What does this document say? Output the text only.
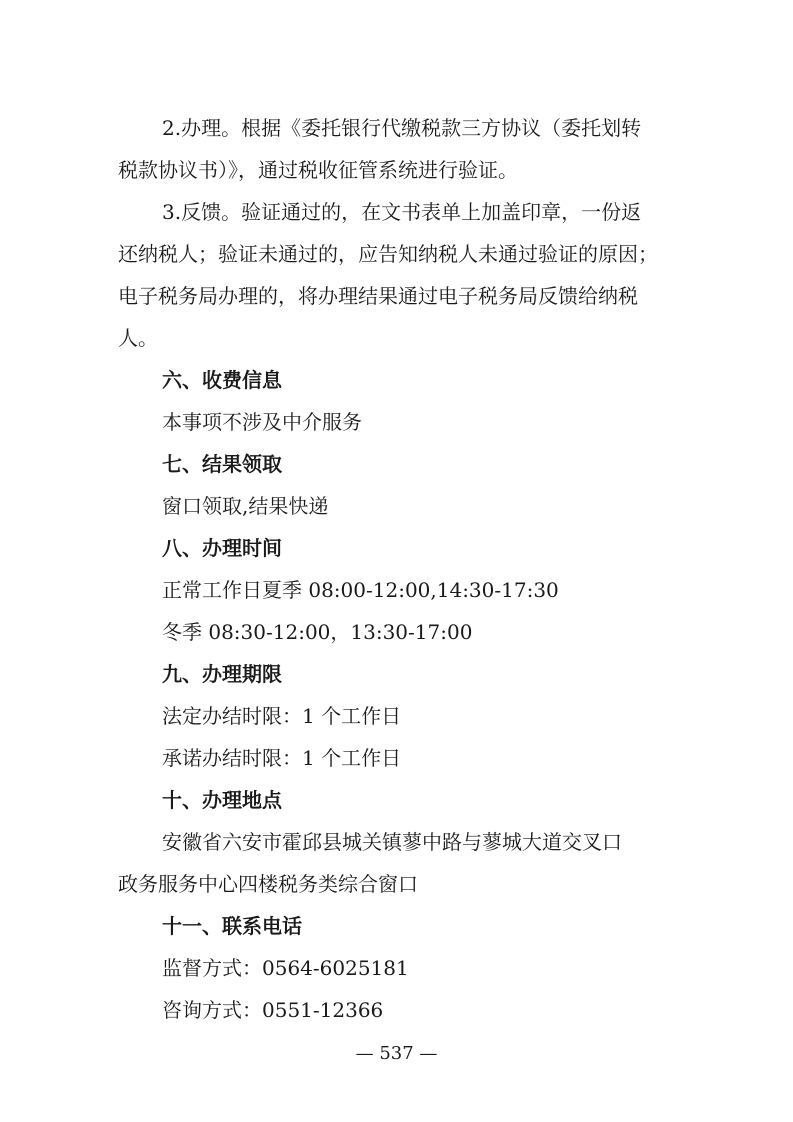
2.办理。根据《委托银行代缴税款三方协议（委托划转

税款协议书）》，通过税收征管系统进行验证。

3.反馈。验证通过的，在文书表单上加盖印章，一份返

还纳税人；验证未通过的，应告知纳税人未通过验证的原因；

电子税务局办理的，将办理结果通过电子税务局反馈给纳税

人。

六、收费信息

本事项不涉及中介服务

七、结果领取

窗口领取,结果快递

八、办理时间

正常工作日夏季 08:00-12:00,14:30-17:30

冬季 08:30-12:00，13:30-17:00

九、办理期限

法定办结时限：1 个工作日

承诺办结时限：1 个工作日

十、办理地点

安徽省六安市霍邱县城关镇蓼中路与蓼城大道交叉口

政务服务中心四楼税务类综合窗口

十一、联系电话

监督方式：0564-6025181

咨询方式：0551-12366

— 537 —
